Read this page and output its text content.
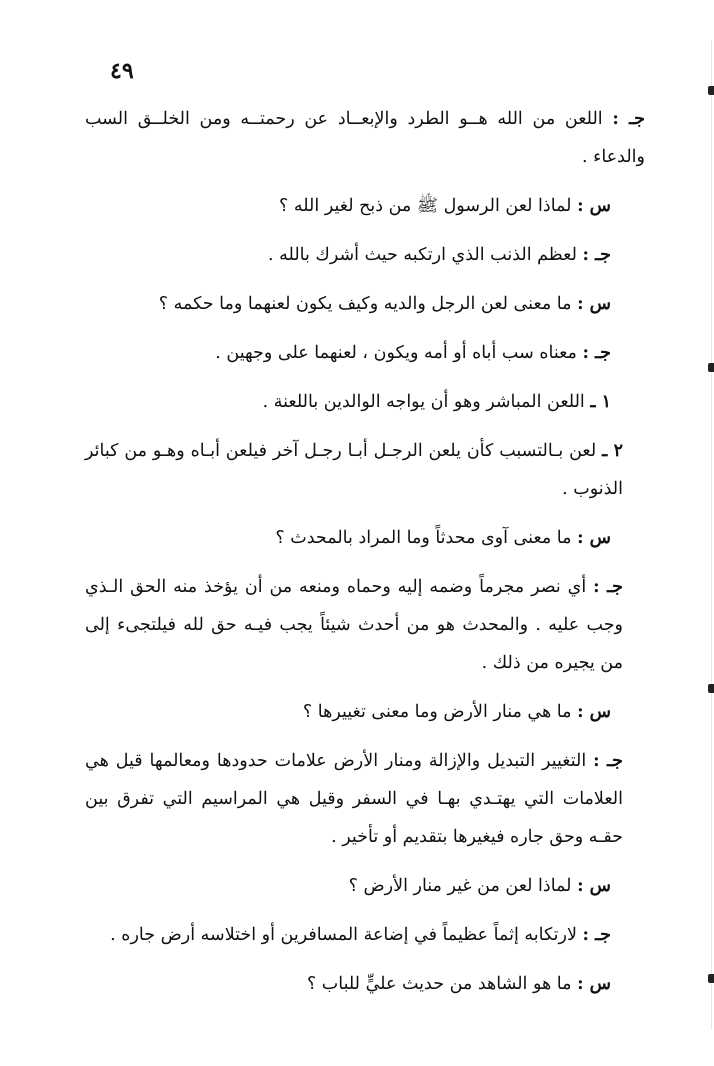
٤٩

جـ : اللعن من الله هــو الطرد والإبعــاد عن رحمتــه ومن الخلــق السب والدعاء .

س : لماذا لعن الرسول ﷺ من ذبح لغير الله ؟

جـ : لعظم الذنب الذي ارتكبه حيث أشرك بالله .

س : ما معنى لعن الرجل والديه وكيف يكون لعنهما وما حكمه ؟

جـ : معناه سب أباه أو أمه ويكون ، لعنهما على وجهين .

١ ـ اللعن المباشر وهو أن يواجه الوالدين باللعنة .

٢ ـ لعن بـالتسبب كأن يلعن الرجـل أبـا رجـل آخر فيلعن أبـاه وهـو من كبائر الذنوب .

س : ما معنى آوى محدثاً وما المراد بالمحدث ؟

جـ : أي نصر مجرماً وضمه إليه وحماه ومنعه من أن يؤخذ منه الحق الـذي وجب عليه . والمحدث هو من أحدث شيئاً يجب فيـه حق لله فيلتجىء إلى من يجيره من ذلك .

س : ما هي منار الأرض وما معنى تغييرها ؟

جـ : التغيير التبديل والإزالة ومنار الأرض علامات حدودها ومعالمها قيل هي العلامات التي يهتـدي بهـا في السفر وقيل هي المراسيم التي تفرق بين حقـه وحق جاره فيغيرها بتقديم أو تأخير .

س : لماذا لعن من غير منار الأرض ؟

جـ : لارتكابه إثماً عظيماً في إضاعة المسافرين أو اختلاسه أرض جاره .

س : ما هو الشاهد من حديث عليٍّ للباب ؟
